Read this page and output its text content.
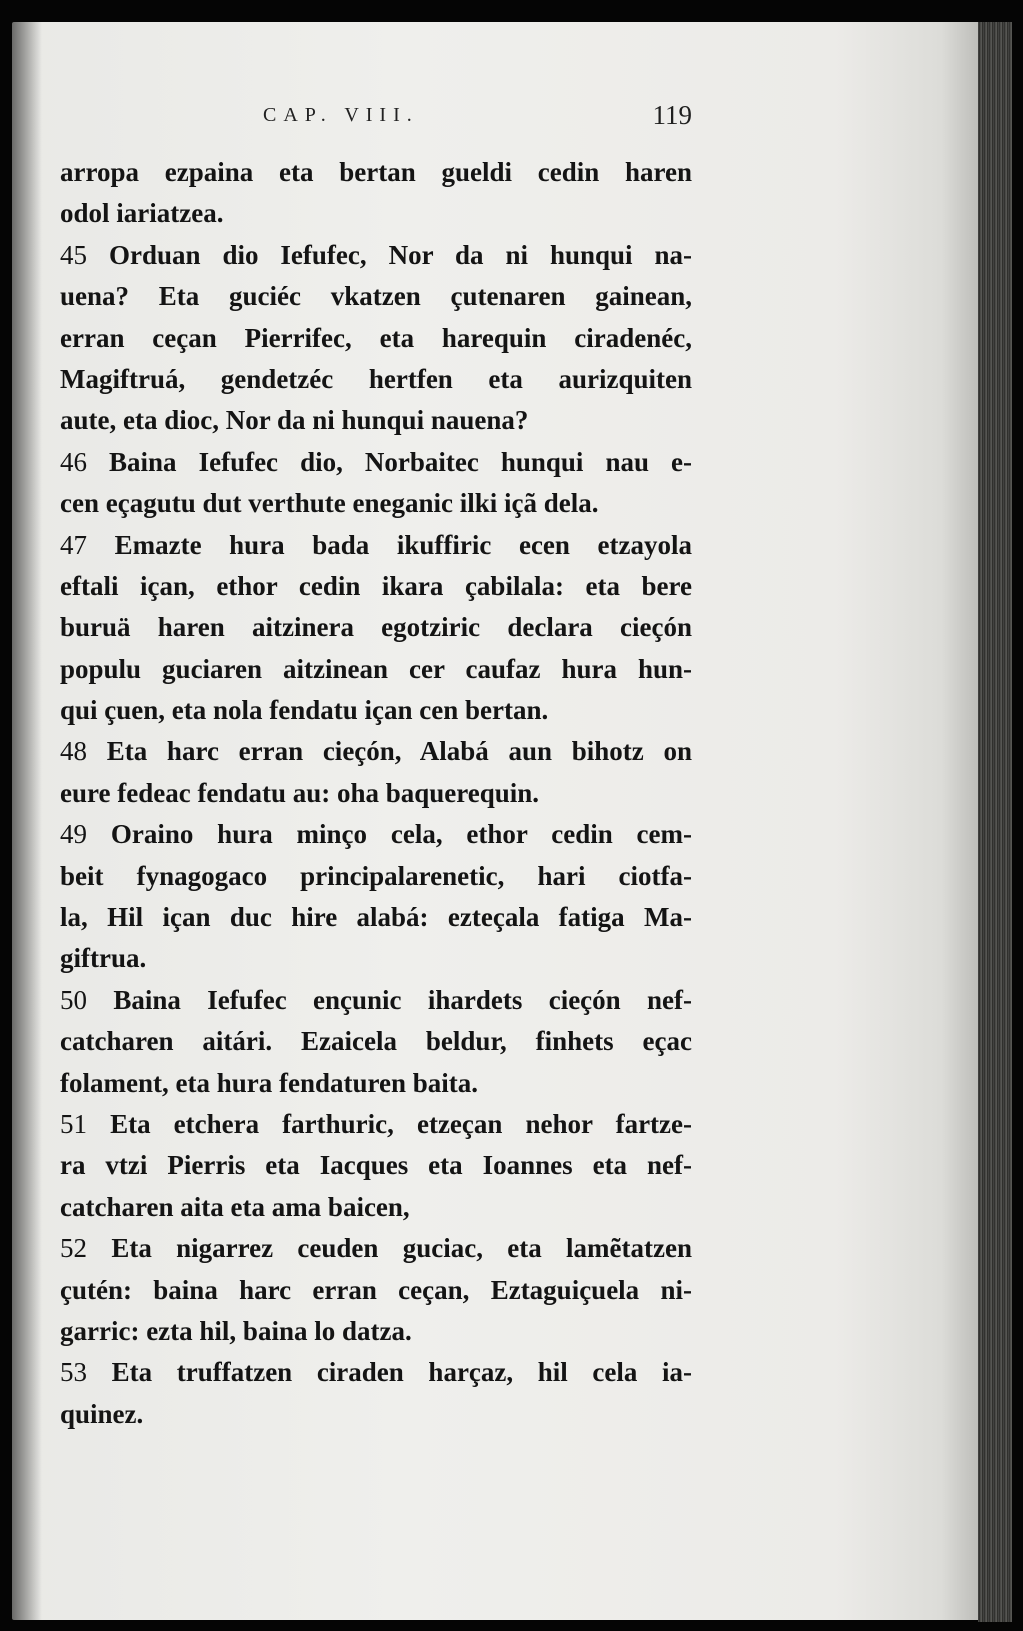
CAP. VIII.	119
arropa ezpaina eta bertan gueldi cedin haren
odol iariatzea.
45 Orduan dio Iefufec, Nor da ni hunqui na-
uena? Eta guciéc vkatzen çutenaren gainean,
erran ceçan Pierrifec, eta harequin ciradenéc,
Magiftruá, gendetzéc hertfen eta aurizquiten
aute, eta dioc, Nor da ni hunqui nauena?
46 Baina Iefufec dio, Norbaitec hunqui nau e-
cen eçagutu dut verthute eneganic ilki içã dela.
47 Emazte hura bada ikuffiric ecen etzayola
eftali içan, ethor cedin ikara çabilala: eta bere
buruä haren aitzinera egotziric declara cieçón
populu guciaren aitzinean cer caufaz hura hun-
qui çuen, eta nola fendatu içan cen bertan.
48 Eta harc erran cieçón, Alabá aun bihotz on
eure fedeac fendatu au: oha baquerequin.
49 Oraino hura minço cela, ethor cedin cem-
beit fynagogaco principalarenetic, hari ciotfa-
la, Hil içan duc hire alabá: ezteçala fatiga Ma-
giftrua.
50 Baina Iefufec ençunic ihardets cieçón nef-
catcharen aitári. Ezaicela beldur, finhets eçac
folament, eta hura fendaturen baita.
51 Eta etchera farthuric, etzeçan nehor fartze-
ra vtzi Pierris eta Iacques eta Ioannes eta nef-
catcharen aita eta ama baicen,
52 Eta nigarrez ceuden guciac, eta lamẽtatzen
çutén: baina harc erran ceçan, Eztaguiçuela ni-
garric: ezta hil, baina lo datza.
53 Eta truffatzen ciraden harçaz, hil cela ia-
quinez.
